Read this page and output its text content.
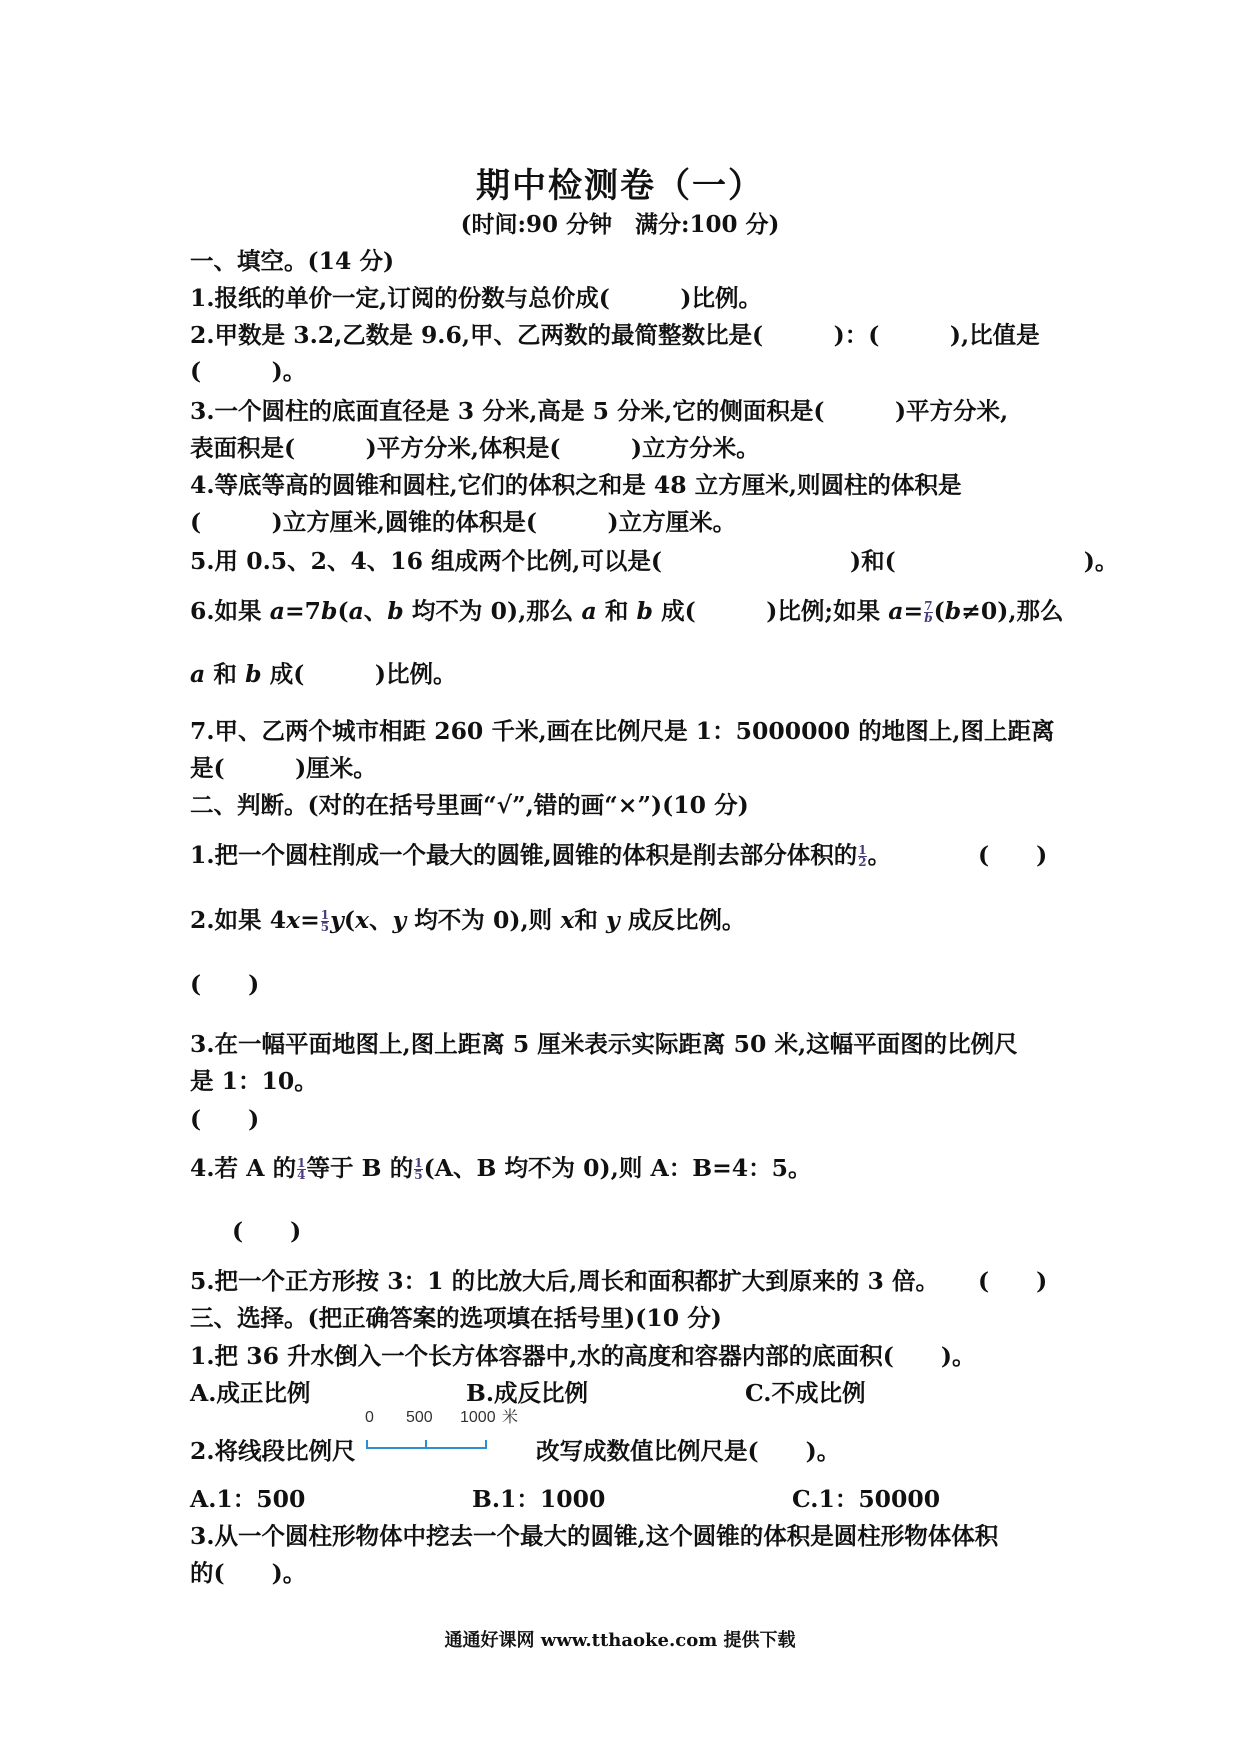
期中检测卷（一）
(时间:90 分钟　满分:100 分)
一、填空。(14 分)
1.报纸的单价一定,订阅的份数与总价成(　　　)比例。
2.甲数是 3.2,乙数是 9.6,甲、乙两数的最简整数比是(　　　)：(　　　),比值是
(　　　)。
3.一个圆柱的底面直径是 3 分米,高是 5 分米,它的侧面积是(　　　)平方分米,
表面积是(　　　)平方分米,体积是(　　　)立方分米。
4.等底等高的圆锥和圆柱,它们的体积之和是 48 立方厘米,则圆柱的体积是
(　　　)立方厘米,圆锥的体积是(　　　)立方厘米。
5.用 0.5、2、4、16 组成两个比例,可以是(　　　　　　　　)和(　　　　　　　　)。
6.如果 a=7b(a、b 均不为 0),那么 a 和 b 成(　　　)比例;如果 $a= \frac{7}{b} (b\ne 0)$,那么
a 和 b 成(　　　)比例。
7.甲、乙两个城市相距 260 千米,画在比例尺是 1：5000000 的地图上,图上距离
是(　　　)厘米。
二、判断。(对的在括号里画“√”,错的画“×”)(10 分)
1.把一个圆柱削成一个最大的圆锥,圆锥的体积是削去部分体积的 $\frac{1}{2}$ 。	(　　)
2.如果 $4x= \frac{1}{5} y(x$、y 均不为 0),则 x和 y 成反比例。
(　　)
3.在一幅平面地图上,图上距离 5 厘米表示实际距离 50 米,这幅平面图的比例尺
是 1：10。
(　　)
4.若 A 的 $\frac{1}{4}$ 等于 B 的 $\frac{1}{5} (A$、B 均不为 0),则 A：B=4：5。
(　　)
5.把一个正方形按 3：1 的比放大后,周长和面积都扩大到原来的 3 倍。 (　　)
三、选择。(把正确答案的选项填在括号里)(10 分)
1.把 36 升水倒入一个长方体容器中,水的高度和容器内部的底面积(　　)。
A.成正比例	B.成反比例	C.不成比例
2.将线段比例尺
0 500 1000 米
改写成数值比例尺是(　　)。
A.1：500	B.1：1000	C.1：50000
3.从一个圆柱形物体中挖去一个最大的圆锥,这个圆锥的体积是圆柱形物体体积
的(　　)。
通通好课网 www.tthaoke.com 提供下载
